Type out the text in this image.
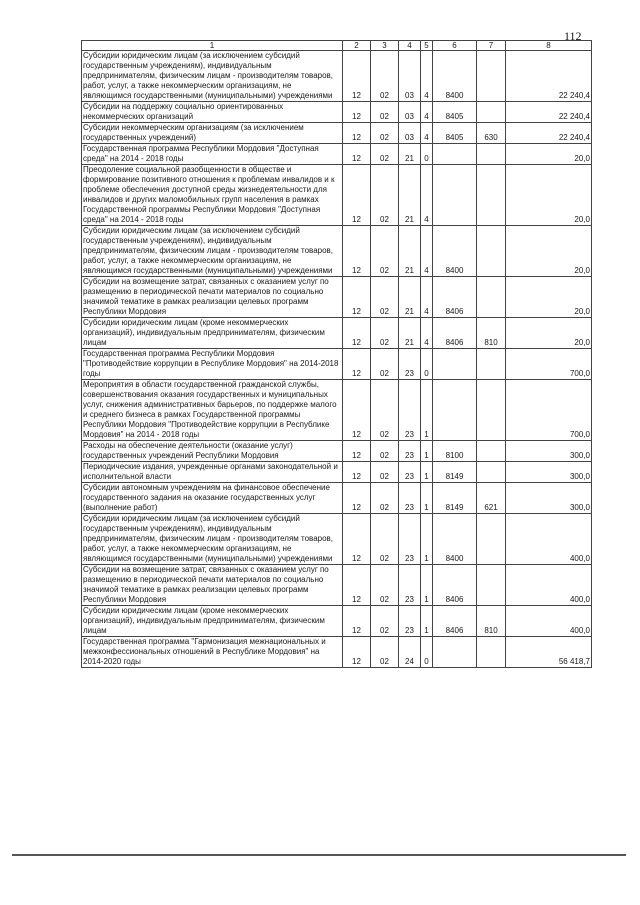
112
1	2	3	4	5	6	7	8
Субсидии юридическим лицам (за исключением субсидий государственным учреждениям), индивидуальным предпринимателям, физическим лицам - производителям товаров, работ, услуг, а также некоммерческим организациям, не являющимся государственными (муниципальными) учреждениями	12	02	03	4	8400		22 240,4
Субсидии на поддержку социально ориентированных некоммерческих организаций	12	02	03	4	8405		22 240,4
Субсидии некоммерческим организациям (за исключением государственных учреждений)	12	02	03	4	8405	630	22 240,4
Государственная программа Республики Мордовия "Доступная среда" на 2014 - 2018 годы	12	02	21	0			20,0
Преодоление социальной разобщенности в обществе и формирование позитивного отношения к проблемам инвалидов и к проблеме обеспечения доступной среды жизнедеятельности для инвалидов и других маломобильных групп населения в рамках Государственной программы Республики Мордовия "Доступная среда" на 2014 - 2018 годы	12	02	21	4			20,0
Субсидии юридическим лицам (за исключением субсидий государственным учреждениям), индивидуальным предпринимателям, физическим лицам - производителям товаров, работ, услуг, а также некоммерческим организациям, не являющимся государственными (муниципальными) учреждениями	12	02	21	4	8400		20,0
Субсидии на возмещение затрат, связанных с оказанием услуг по размещению в периодической печати материалов по социально значимой тематике в рамках реализации целевых программ Республики Мордовия	12	02	21	4	8406		20,0
Субсидии юридическим лицам (кроме некоммерческих организаций), индивидуальным предпринимателям, физическим лицам	12	02	21	4	8406	810	20,0
Государственная программа Республики Мордовия "Противодействие коррупции в Республике Мордовия" на 2014-2018 годы	12	02	23	0			700,0
Мероприятия в области государственной гражданской службы, совершенствования оказания государственных и муниципальных услуг, снижения административных барьеров, по поддержке малого и среднего бизнеса в рамках Государственной программы Республики Мордовия "Противодействие коррупции в Республике Мордовия" на 2014 - 2018 годы	12	02	23	1			700,0
Расходы на обеспечение деятельности (оказание услуг) государственных учреждений Республики Мордовия	12	02	23	1	8100		300,0
Периодические издания, учрежденные органами законодательной и исполнительной власти	12	02	23	1	8149		300,0
Субсидии автономным учреждениям на финансовое обеспечение государственного задания на оказание государственных услуг (выполнение работ)	12	02	23	1	8149	621	300,0
Субсидии юридическим лицам (за исключением субсидий государственным учреждениям), индивидуальным предпринимателям, физическим лицам - производителям товаров, работ, услуг, а также некоммерческим организациям, не являющимся государственными (муниципальными) учреждениями	12	02	23	1	8400		400,0
Субсидии на возмещение затрат, связанных с оказанием услуг по размещению в периодической печати материалов по социально значимой тематике в рамках реализации целевых программ Республики Мордовия	12	02	23	1	8406		400,0
Субсидии юридическим лицам (кроме некоммерческих организаций), индивидуальным предпринимателям, физическим лицам	12	02	23	1	8406	810	400,0
Государственная программа "Гармонизация межнациональных и межконфессиональных отношений в Республике Мордовия" на 2014-2020 годы	12	02	24	0			56 418,7
